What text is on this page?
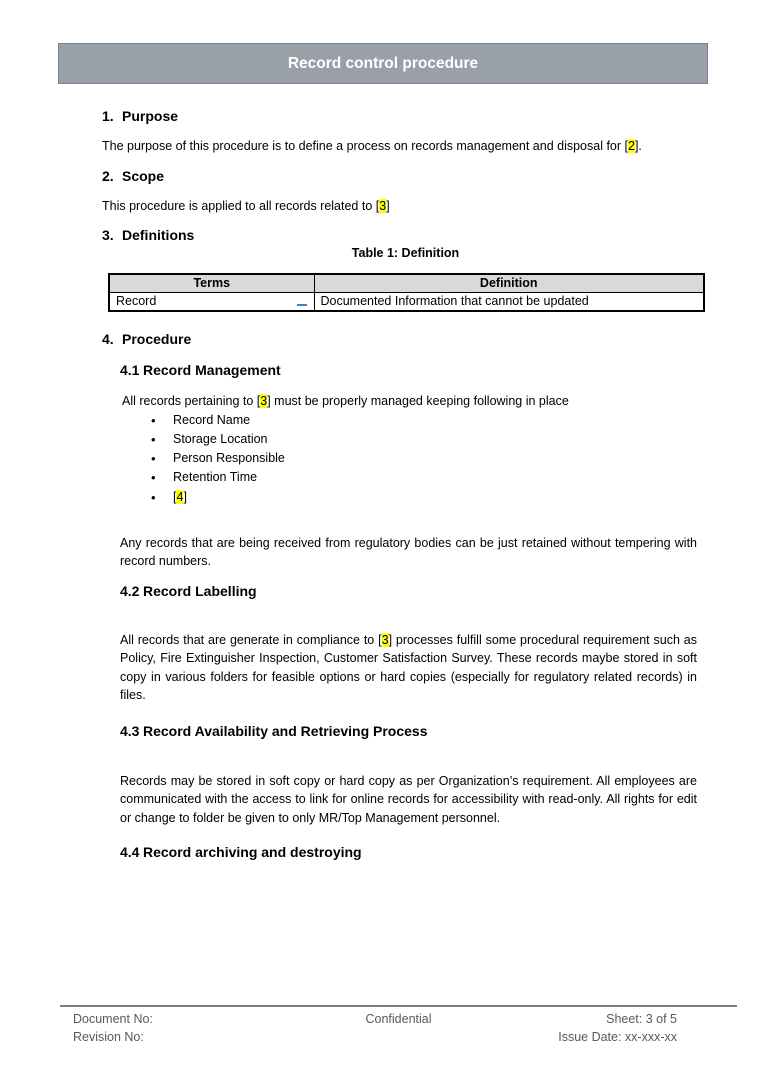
Record control procedure
1. Purpose

The purpose of this procedure is to define a process on records management and disposal for [2].

2. Scope

This procedure is applied to all records related to [3]

3. Definitions
Table 1: Definition
Terms	Definition

Record	Documented Information that cannot be updated
4. Procedure
4.1 Record Management

All records pertaining to [3] must be properly managed keeping following in place

• Record Name
• Storage Location
• Person Responsible
• Retention Time
• [4]

Any records that are being received from regulatory bodies can be just retained without tempering with record numbers.

4.2 Record Labelling

All records that are generate in compliance to [3] processes fulfill some procedural requirement such as Policy, Fire Extinguisher Inspection, Customer Satisfaction Survey. These records maybe stored in soft copy in various folders for feasible options or hard copies (especially for regulatory related records) in files.

4.3 Record Availability and Retrieving Process

Records may be stored in soft copy or hard copy as per Organization’s requirement. All employees are communicated with the access to link for online records for accessibility with read-only. All rights for edit or change to folder be given to only MR/Top Management personnel.

4.4 Record archiving and destroying
Document No:
Revision No:
Confidential	Sheet: 3 of 5
Issue Date: xx-xxx-xx
